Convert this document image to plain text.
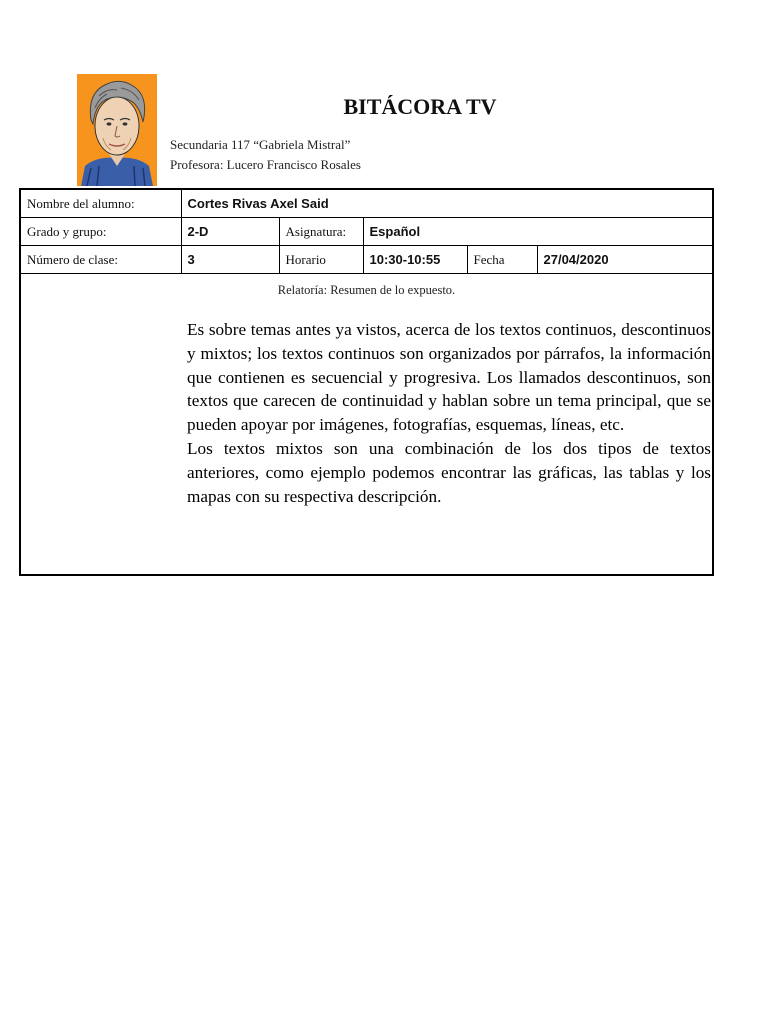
BITÁCORA TV
Secundaria 117 “Gabriela Mistral”
Profesora: Lucero Francisco Rosales
Nombre del alumno:	Cortes Rivas Axel Said				
Grado y grupo:	2-D	Asignatura:	Español		
Número de clase:	3	Horario	10:30-10:55	Fecha	27/04/2020
Relatoría: Resumen de lo expuesto.

Es sobre temas antes ya vistos, acerca de los textos continuos, descontinuos y mixtos; los textos continuos son organizados por párrafos, la información que contienen es secuencial y progresiva. Los llamados descontinuos, son textos que carecen de continuidad y hablan sobre un tema principal, que se pueden apoyar por imágenes, fotografías, esquemas, líneas, etc.

Los textos mixtos son una combinación de los dos tipos de textos anteriores, como ejemplo podemos encontrar las gráficas, las tablas y los mapas con su respectiva descripción.
